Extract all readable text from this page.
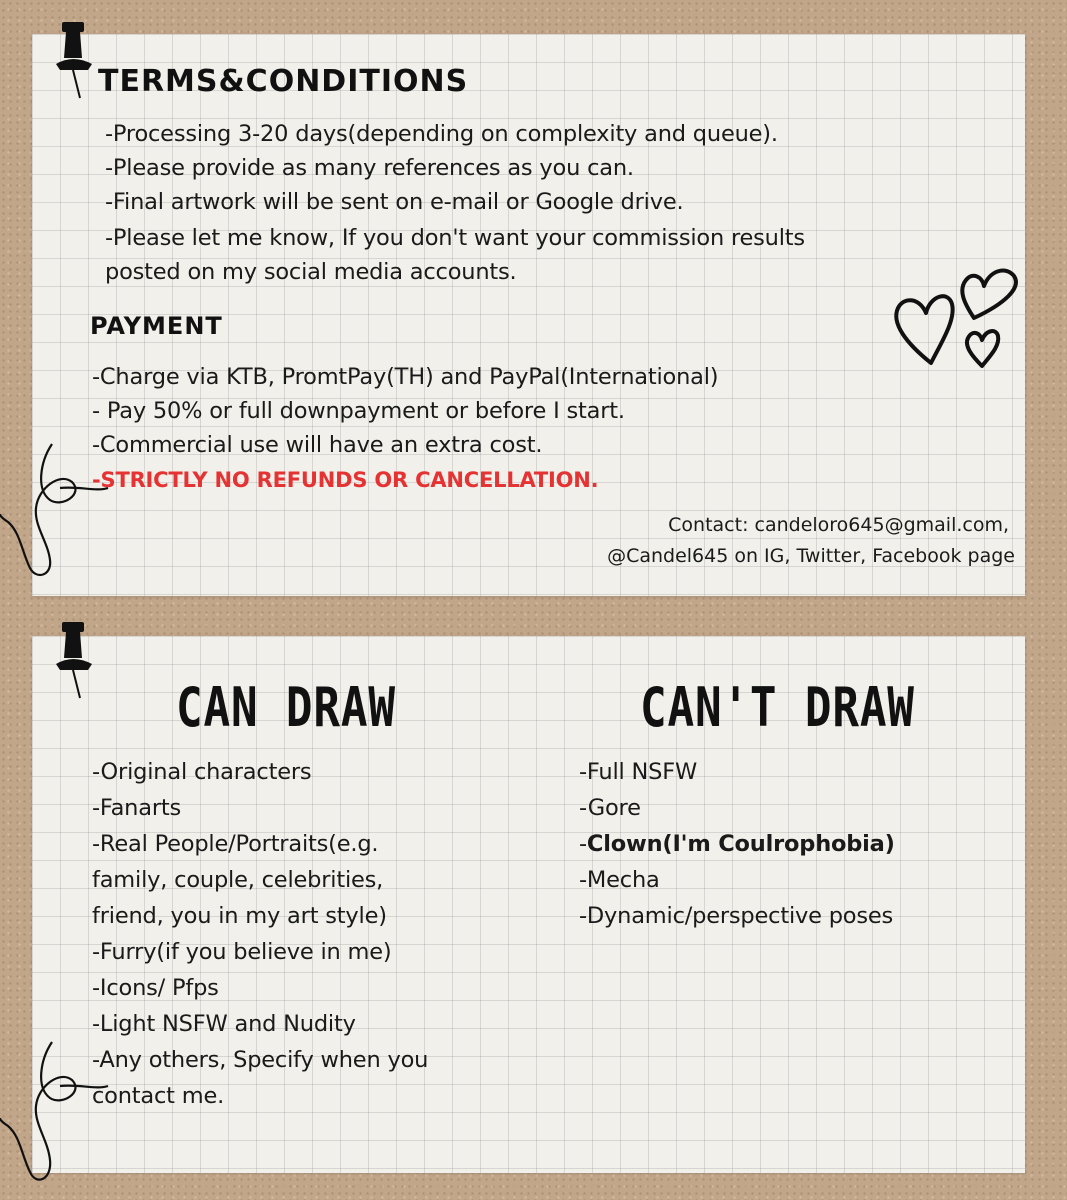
TERMS&CONDITIONS
-Processing 3-20 days(depending on complexity and queue).
-Please provide as many references as you can.
-Final artwork will be sent on e-mail or Google drive.
-Please let me know, If you don't want your commission results
posted on my social media accounts.
PAYMENT
-Charge via KTB, PromtPay(TH) and PayPal(International)
- Pay 50% or full downpayment or before I start.
-Commercial use will have an extra cost.
-STRICTLY NO REFUNDS OR CANCELLATION.
Contact: candeloro645@gmail.com,
@Candel645 on IG, Twitter, Facebook page
CAN DRAW	CAN'T DRAW
-Original characters
-Fanarts
-Real People/Portraits(e.g.
family, couple, celebrities,
friend, you in my art style)
-Furry(if you believe in me)
-Icons/ Pfps
-Light NSFW and Nudity
-Any others, Specify when you
contact me.
-Full NSFW
-Gore
-Clown(I'm Coulrophobia)
-Mecha
-Dynamic/perspective poses
